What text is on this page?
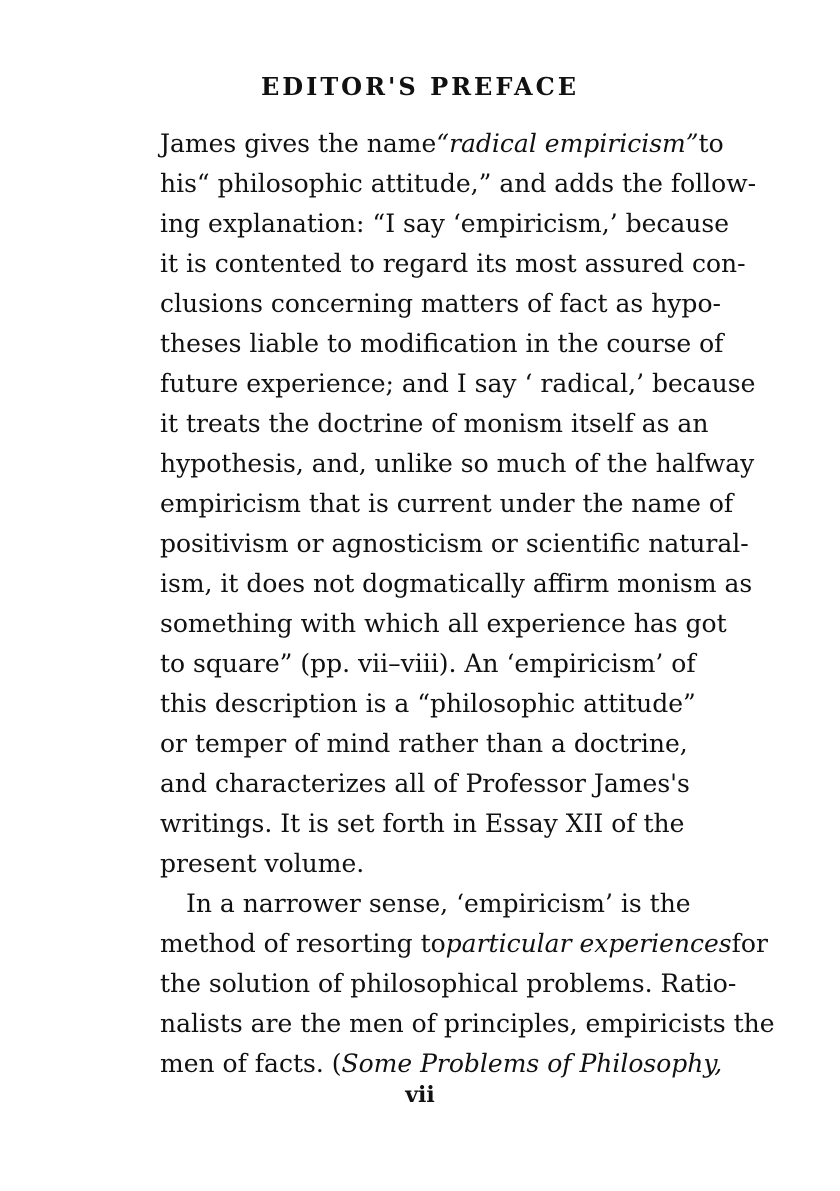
EDITOR'S PREFACE
James gives the name “radical empiricism” to
his“ philosophic attitude,” and adds the follow-
ing explanation: “I say ‘empiricism,’ because
it is contented to regard its most assured con-
clusions concerning matters of fact as hypo-
theses liable to modification in the course of
future experience; and I say ‘ radical,’ because
it treats the doctrine of monism itself as an
hypothesis, and, unlike so much of the halfway
empiricism that is current under the name of
positivism or agnosticism or scientific natural-
ism, it does not dogmatically affirm monism as
something with which all experience has got
to square” (pp. vii–viii). An ‘empiricism’ of
this description is a “philosophic attitude”
or temper of mind rather than a doctrine,
and characterizes all of Professor James's
writings. It is set forth in Essay XII of the
present volume.
In a narrower sense, ‘empiricism’ is the
method of resorting to particular experiences for
the solution of philosophical problems. Ratio-
nalists are the men of principles, empiricists the
men of facts. ( Some Problems of Philosophy,
vii
